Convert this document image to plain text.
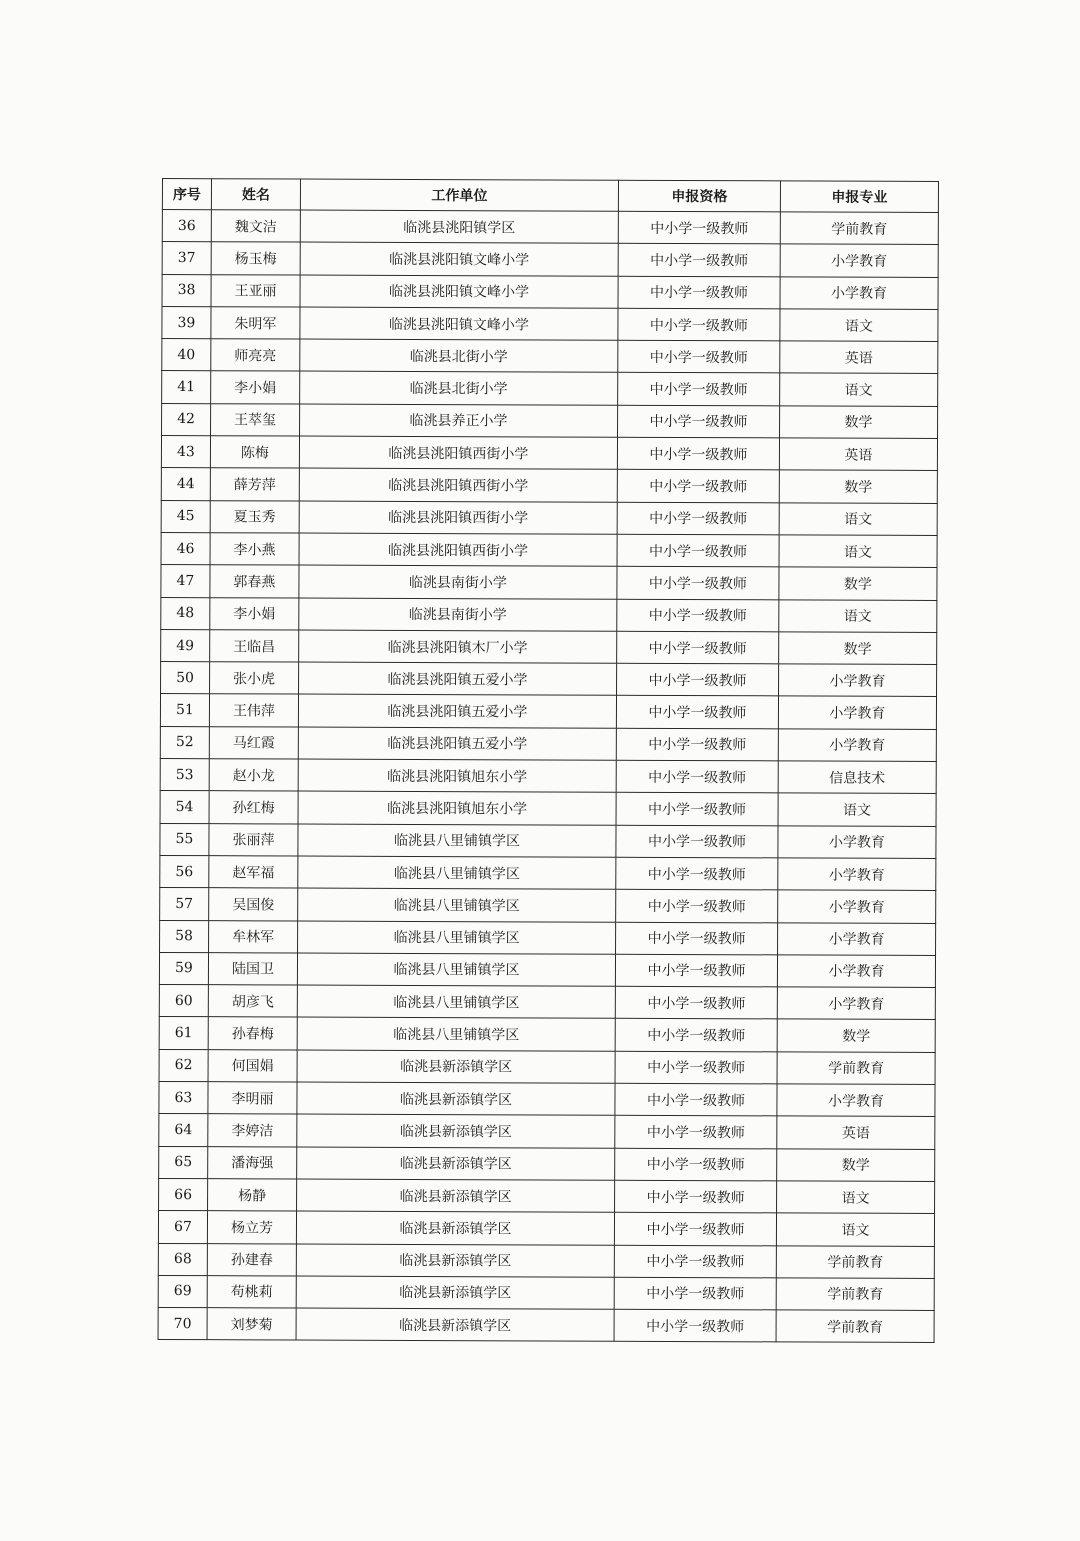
序号	姓名	工作单位	申报资格	申报专业
36	魏文洁	临洮县洮阳镇学区	中小学一级教师	学前教育
37	杨玉梅	临洮县洮阳镇文峰小学	中小学一级教师	小学教育
38	王亚丽	临洮县洮阳镇文峰小学	中小学一级教师	小学教育
39	朱明军	临洮县洮阳镇文峰小学	中小学一级教师	语文
40	师亮亮	临洮县北街小学	中小学一级教师	英语
41	李小娟	临洮县北街小学	中小学一级教师	语文
42	王萃玺	临洮县养正小学	中小学一级教师	数学
43	陈梅	临洮县洮阳镇西街小学	中小学一级教师	英语
44	薛芳萍	临洮县洮阳镇西街小学	中小学一级教师	数学
45	夏玉秀	临洮县洮阳镇西街小学	中小学一级教师	语文
46	李小燕	临洮县洮阳镇西街小学	中小学一级教师	语文
47	郭春燕	临洮县南街小学	中小学一级教师	数学
48	李小娟	临洮县南街小学	中小学一级教师	语文
49	王临昌	临洮县洮阳镇木厂小学	中小学一级教师	数学
50	张小虎	临洮县洮阳镇五爱小学	中小学一级教师	小学教育
51	王伟萍	临洮县洮阳镇五爱小学	中小学一级教师	小学教育
52	马红霞	临洮县洮阳镇五爱小学	中小学一级教师	小学教育
53	赵小龙	临洮县洮阳镇旭东小学	中小学一级教师	信息技术
54	孙红梅	临洮县洮阳镇旭东小学	中小学一级教师	语文
55	张丽萍	临洮县八里铺镇学区	中小学一级教师	小学教育
56	赵军福	临洮县八里铺镇学区	中小学一级教师	小学教育
57	吴国俊	临洮县八里铺镇学区	中小学一级教师	小学教育
58	牟林军	临洮县八里铺镇学区	中小学一级教师	小学教育
59	陆国卫	临洮县八里铺镇学区	中小学一级教师	小学教育
60	胡彦飞	临洮县八里铺镇学区	中小学一级教师	小学教育
61	孙春梅	临洮县八里铺镇学区	中小学一级教师	数学
62	何国娟	临洮县新添镇学区	中小学一级教师	学前教育
63	李明丽	临洮县新添镇学区	中小学一级教师	小学教育
64	李婷洁	临洮县新添镇学区	中小学一级教师	英语
65	潘海强	临洮县新添镇学区	中小学一级教师	数学
66	杨静	临洮县新添镇学区	中小学一级教师	语文
67	杨立芳	临洮县新添镇学区	中小学一级教师	语文
68	孙建春	临洮县新添镇学区	中小学一级教师	学前教育
69	苟桃莉	临洮县新添镇学区	中小学一级教师	学前教育
70	刘梦菊	临洮县新添镇学区	中小学一级教师	学前教育
